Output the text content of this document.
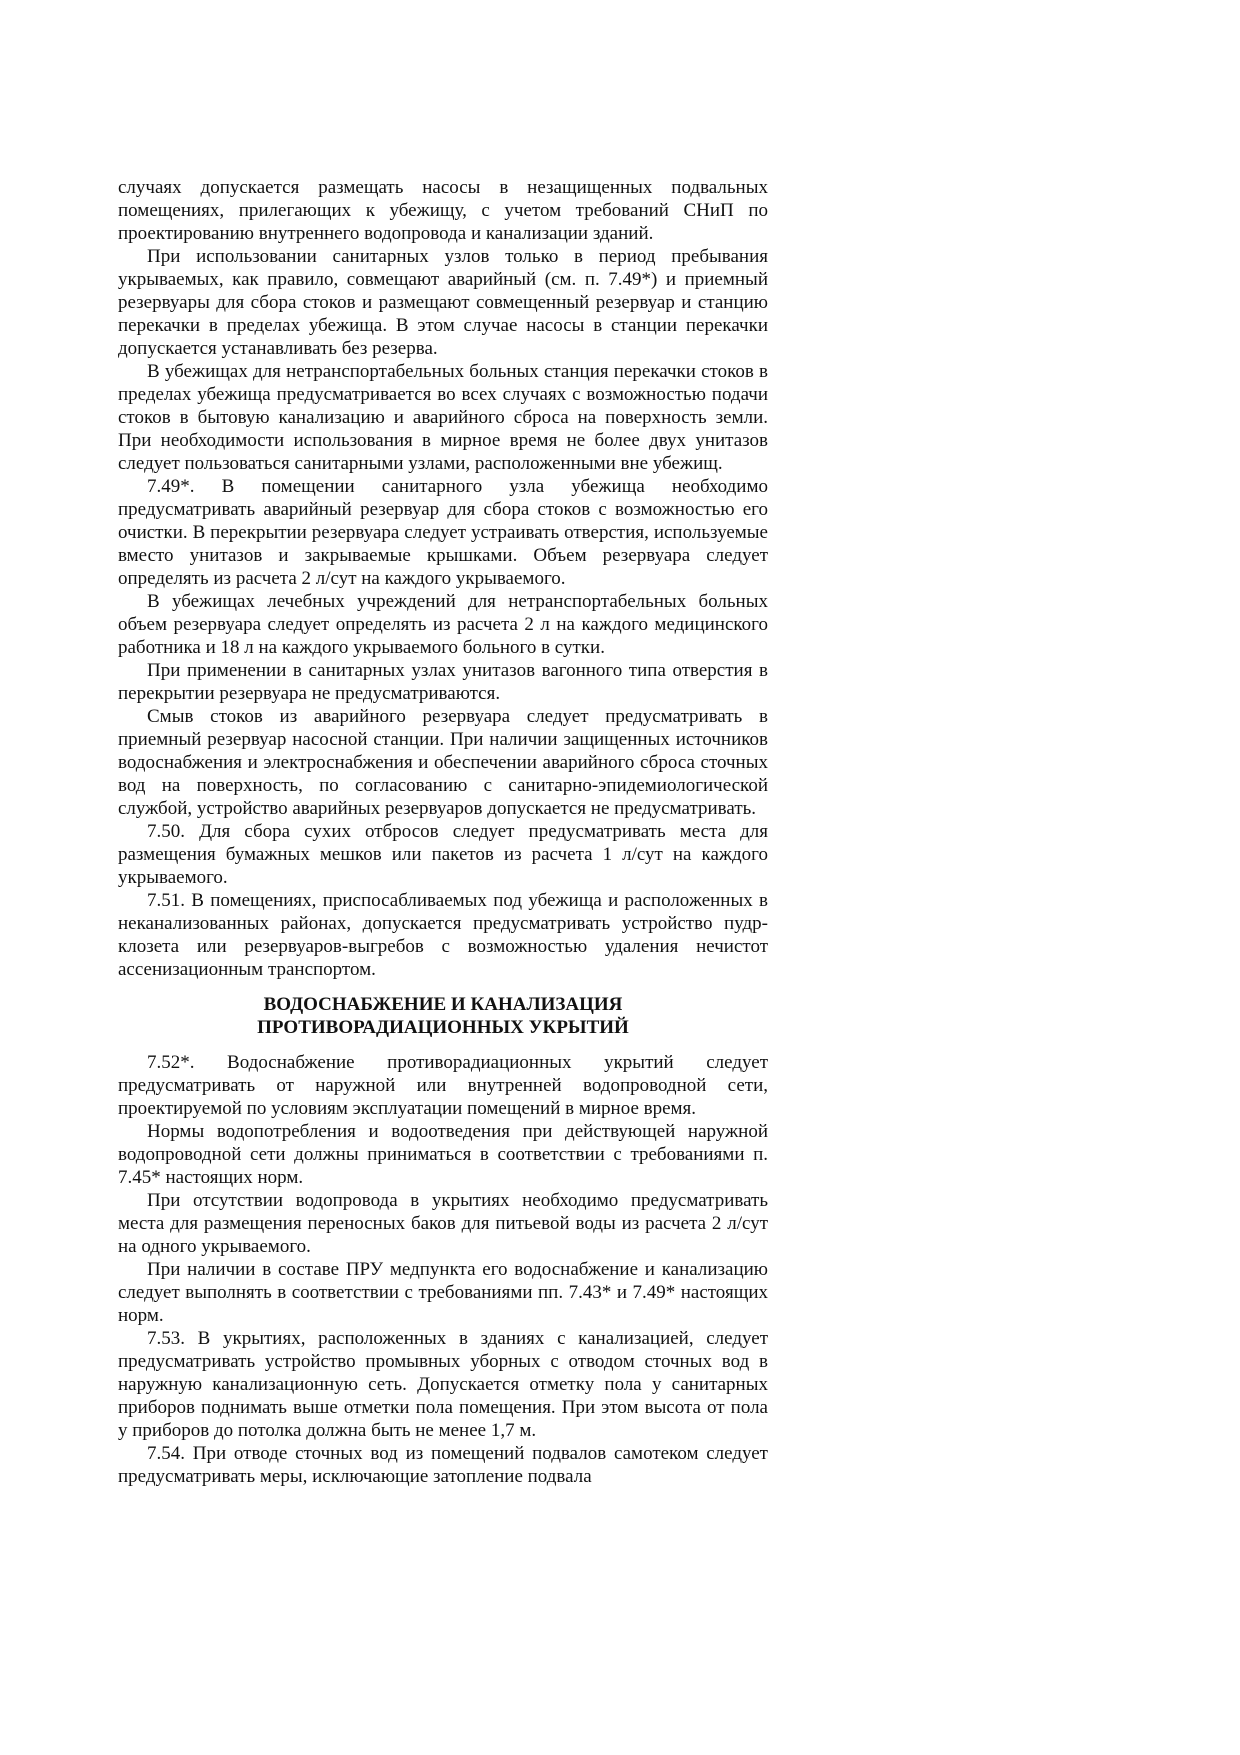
случаях допускается размещать насосы в незащищенных подвальных помещениях, прилегающих к убежищу, с учетом требований СНиП по проектированию внутреннего водопровода и канализации зданий.

При использовании санитарных узлов только в период пребывания укрываемых, как правило, совмещают аварийный (см. п. 7.49*) и приемный резервуары для сбора стоков и размещают совмещенный резервуар и станцию перекачки в пределах убежища. В этом случае насосы в станции перекачки допускается устанавливать без резерва.

В убежищах для нетранспортабельных больных станция перекачки стоков в пределах убежища предусматривается во всех случаях с возможностью подачи стоков в бытовую канализацию и аварийного сброса на поверхность земли. При необходимости использования в мирное время не более двух унитазов следует пользоваться санитарными узлами, расположенными вне убежищ.

7.49*. В помещении санитарного узла убежища необходимо предусматривать аварийный резервуар для сбора стоков с возможностью его очистки. В перекрытии резервуара следует устраивать отверстия, используемые вместо унитазов и закрываемые крышками. Объем резервуара следует определять из расчета 2 л/сут на каждого укрываемого.

В убежищах лечебных учреждений для нетранспортабельных больных объем резервуара следует определять из расчета 2 л на каждого медицинского работника и 18 л на каждого укрываемого больного в сутки.

При применении в санитарных узлах унитазов вагонного типа отверстия в перекрытии резервуара не предусматриваются.

Смыв стоков из аварийного резервуара следует предусматривать в приемный резервуар насосной станции. При наличии защищенных источников водоснабжения и электроснабжения и обеспечении аварийного сброса сточных вод на поверхность, по согласованию с санитарно-эпидемиологической службой, устройство аварийных резервуаров допускается не предусматривать.

7.50. Для сбора сухих отбросов следует предусматривать места для размещения бумажных мешков или пакетов из расчета 1 л/сут на каждого укрываемого.

7.51. В помещениях, приспосабливаемых под убежища и расположенных в неканализованных районах, допускается предусматривать устройство пудр-клозета или резервуаров-выгребов с возможностью удаления нечистот ассенизационным транспортом.

ВОДОСНАБЖЕНИЕ И КАНАЛИЗАЦИЯ
ПРОТИВОРАДИАЦИОННЫХ УКРЫТИЙ

7.52*. Водоснабжение противорадиационных укрытий следует предусматривать от наружной или внутренней водопроводной сети, проектируемой по условиям эксплуатации помещений в мирное время.

Нормы водопотребления и водоотведения при действующей наружной водопроводной сети должны приниматься в соответствии с требованиями п. 7.45* настоящих норм.

При отсутствии водопровода в укрытиях необходимо предусматривать места для размещения переносных баков для питьевой воды из расчета 2 л/сут на одного укрываемого.

При наличии в составе ПРУ медпункта его водоснабжение и канализацию следует выполнять в соответствии с требованиями пп. 7.43* и 7.49* настоящих норм.

7.53. В укрытиях, расположенных в зданиях с канализацией, следует предусматривать устройство промывных уборных с отводом сточных вод в наружную канализационную сеть. Допускается отметку пола у санитарных приборов поднимать выше отметки пола помещения. При этом высота от пола у приборов до потолка должна быть не менее 1,7 м.

7.54. При отводе сточных вод из помещений подвалов самотеком следует предусматривать меры, исключающие затопление подвала
